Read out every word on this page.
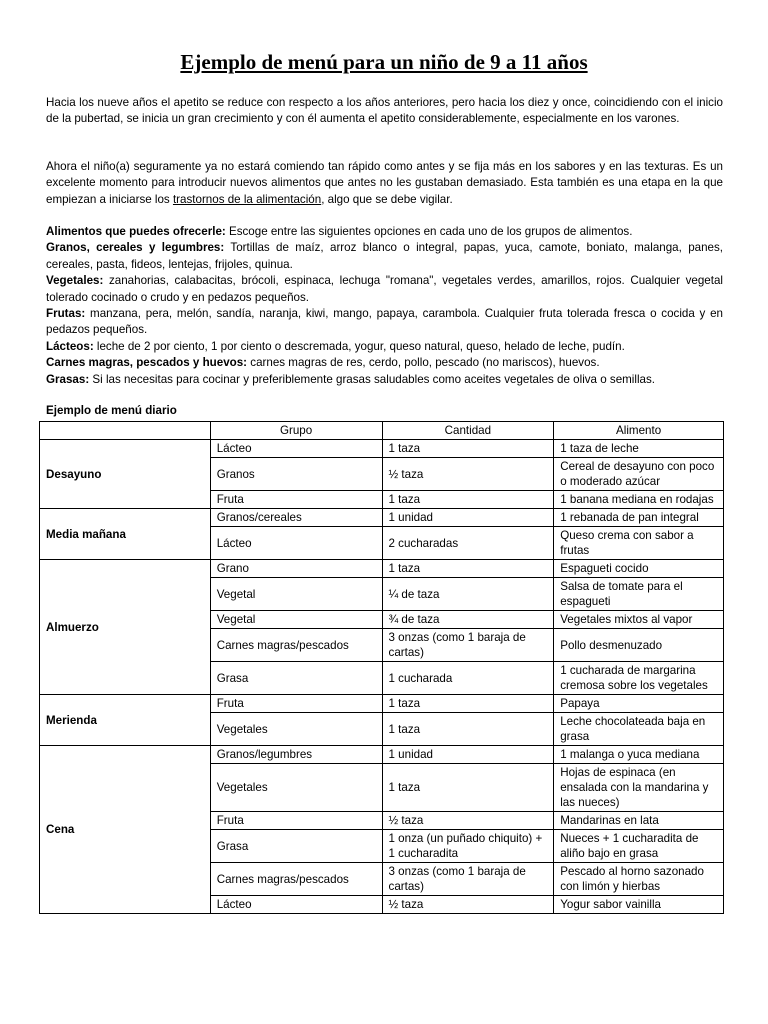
Ejemplo de menú para un niño de 9 a 11 años

Hacia los nueve años el apetito se reduce con respecto a los años anteriores, pero hacia los diez y once, coincidiendo con el inicio de la pubertad, se inicia un gran crecimiento y con él aumenta el apetito considerablemente, especialmente en los varones.

Ahora el niño(a) seguramente ya no estará comiendo tan rápido como antes y se fija más en los sabores y en las texturas. Es un excelente momento para introducir nuevos alimentos que antes no les gustaban demasiado. Esta también es una etapa en la que empiezan a iniciarse los trastornos de la alimentación, algo que se debe vigilar.

Alimentos que puedes ofrecerle: Escoge entre las siguientes opciones en cada uno de los grupos de alimentos.

Granos, cereales y legumbres: Tortillas de maíz, arroz blanco o integral, papas, yuca, camote, boniato, malanga, panes, cereales, pasta, fideos, lentejas, frijoles, quinua.

Vegetales: zanahorias, calabacitas, brócoli, espinaca, lechuga "romana", vegetales verdes, amarillos, rojos. Cualquier vegetal tolerado cocinado o crudo y en pedazos pequeños.

Frutas: manzana, pera, melón, sandía, naranja, kiwi, mango, papaya, carambola. Cualquier fruta tolerada fresca o cocida y en pedazos pequeños.

Lácteos: leche de 2 por ciento, 1 por ciento o descremada, yogur, queso natural, queso, helado de leche, pudín.

Carnes magras, pescados y huevos: carnes magras de res, cerdo, pollo, pescado (no mariscos), huevos.

Grasas: Si las necesitas para cocinar y preferiblemente grasas saludables como aceites vegetales de oliva o semillas.

Ejemplo de menú diario
	Grupo	Cantidad	Alimento
Desayuno	Lácteo	1 taza	1 taza de leche
	Granos	½ taza	Cereal de desayuno con poco o moderado azúcar
	Fruta	1 taza	1 banana mediana en rodajas
Media mañana	Granos/cereales	1 unidad	1 rebanada de pan integral
	Lácteo	2 cucharadas	Queso crema con sabor a frutas
Almuerzo	Grano	1 taza	Espagueti cocido
	Vegetal	¼ de taza	Salsa de tomate para el espagueti
	Vegetal	¾ de taza	Vegetales mixtos al vapor
	Carnes magras/pescados	3 onzas (como 1 baraja de cartas)	Pollo desmenuzado
	Grasa	1 cucharada	1 cucharada de margarina cremosa sobre los vegetales
Merienda	Fruta	1 taza	Papaya
	Vegetales	1 taza	Leche chocolateada baja en grasa
Cena	Granos/legumbres	1 unidad	1 malanga o yuca mediana
	Vegetales	1 taza	Hojas de espinaca (en ensalada con la mandarina y las nueces)
	Fruta	½ taza	Mandarinas en lata
	Grasa	1 onza (un puñado chiquito) + 1 cucharadita	Nueces + 1 cucharadita de aliño bajo en grasa
	Carnes magras/pescados	3 onzas (como 1 baraja de cartas)	Pescado al horno sazonado con limón y hierbas
	Lácteo	½ taza	Yogur sabor vainilla
